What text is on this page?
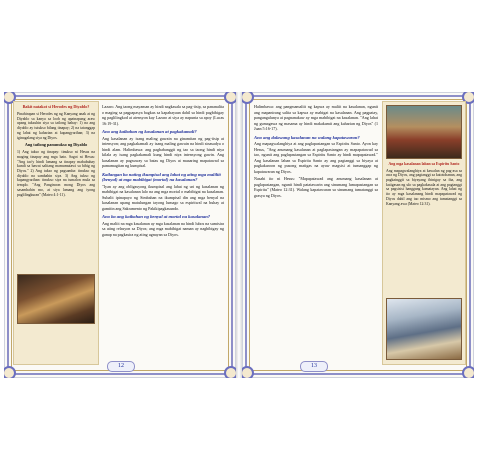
Bakit natakot si Herodes ng Diyablo?

Pinahirapan si Herodes ng ng Kanyang anak at ng Diyablo sa kanya sa loob ng apatnapung araw upang tuksuhin siya sa tatlong bahay: 1) na ang diyablo ay tutukso bilang tinapay; 2) na tatanggap ng lahat ng kaharian at kapangyarihan; 3) na iginagalang siya ng Diyos.

Ang tatlong panunukso ng Diyablo

1) Ang tukso ng tinapay: tinukso ni Hesus na maging tinapay ang mga bato. Sagot ni Hesus: "Ang tao'y hindi lamang sa tinapay mabubuhay kundi sa bawat salitang mamumutawi sa bibig ng Diyos." 2) Ang tukso ng pagsamba: tinukso ng diyablo na sambahin siya. 3) Ang tukso ng kapangyarihan: tinukso siya na tumalon mula sa templo. "Ang Panginoon mong Diyos ang sasambahin mo, at siya lamang ang iyong paglilingkuran" (Mateo 4:1-11).

Lazaro. Ang taong mayaman ay hindi nagkasala sa pag-iisip, sa pananalita o maging sa pagpapasya bagkus sa kapabayaan dahil sa hindi pagbibigay ng paglilingkod at atensyon kay Lazaro at siya ay napunta sa apoy (Lucas 16:19-31).

Ano ang kaibahan ng kasalanan at pagkakamali?

Ang kasalanan ay isang maling gawain na ginamitan ng pag-iisip at intensyon; ang pagkakamali ay isang maling gawain na hindi sinasadya o hindi alam. Halimbawa: ang pagbabanggit ng tao sa taong hindi niya kilala ay isang pagkakamali kung hindi niya intensyong gawin. Ang kasalanan ay pagsuway sa batas ng Diyos at maaaring mapatawad sa pamamagitan ng kumpisal.

Kailangan ba nating ikumpisal ang lahat ng ating mga maliliit (benyal) at mga mabibigat (mortal) na kasalanan?

"Iyan ay ang obligasyong ikumpisal ang lahat ng uri ng kasalanan ng mabibigat na kasalanan lalo na ang mga mortal o mabibigat na kasalanan. Subalit ipinapayo ng Simbahan na ikumpisal din ang mga benyal na kasalanan upang matulungan tayong lumago sa espiritwal na buhay at gamitin ang Sakramento ng Pakikipagkasundo.

Ano ba ang kaibahan ng benyal at mortal na kasalanan?

Ang maliit na mga kasalanan ay mga kasalanan na hindi lubos na sumisira sa ating relasyon sa Diyos; ang mga mabibigat naman ay nagbibigay ng ganap na pagkasira ng ating ugnayan sa Diyos.

12

Halimbawa: ang pangmamaliit ng kapwa ay maliit na kasalanan, ngunit ang mapanirang salita sa kapwa ay mabigat na kasalanan. Ang pagpatay, pangangalunya at pagnanakaw ay mga mabibigat na kasalanan. "Ang lahat ng gumagawa ng masama ay hindi makakamit ang kaharian ng Diyos" (1 Juan 5:16-17).

Ano ang dalawang kasalanan na walang kapatawaran?

Ang mapagwalanghiya at ang paglapastangan sa Espiritu Santo. Ayon kay Hesus, "Ang anumang kasalanan at paglapastangan ay mapapatawad sa tao, ngunit ang paglapastangan sa Espiritu Santo ay hindi mapapatawad." Ang kasalanan laban sa Espiritu Santo ay ang pagtanggi sa biyaya at pagkakaroon ng pusong matigas na ayaw magsisi at tumanggap ng kapatawaran ng Diyos.

Nasabi ito ni Hesus: "Mapapatawad ang anumang kasalanan at paglapastangan, ngunit hindi patatawarin ang sinumang lumapastangan sa Espiritu" (Mateo 12:31). Walang kapatawaran sa sinumang tumatanggi sa grasya ng Diyos.

Ang mga kasalanan laban sa Espiritu Santo

Ang mapagwalanghiya at kawalan ng pag-asa sa awa ng Diyos, ang pagtanggi sa katotohanan, ang pagkainggit sa biyayang ibinigay sa iba, ang katigasan ng ulo sa pagkakasala at ang pagtanggi sa pagsisisi hanggang kamatayan. Ang lahat ng ito ay mga kasalanang hindi mapapatawad ng Diyos dahil ang tao mismo ang tumatanggi sa Kanyang awa (Mateo 12:31).

13
